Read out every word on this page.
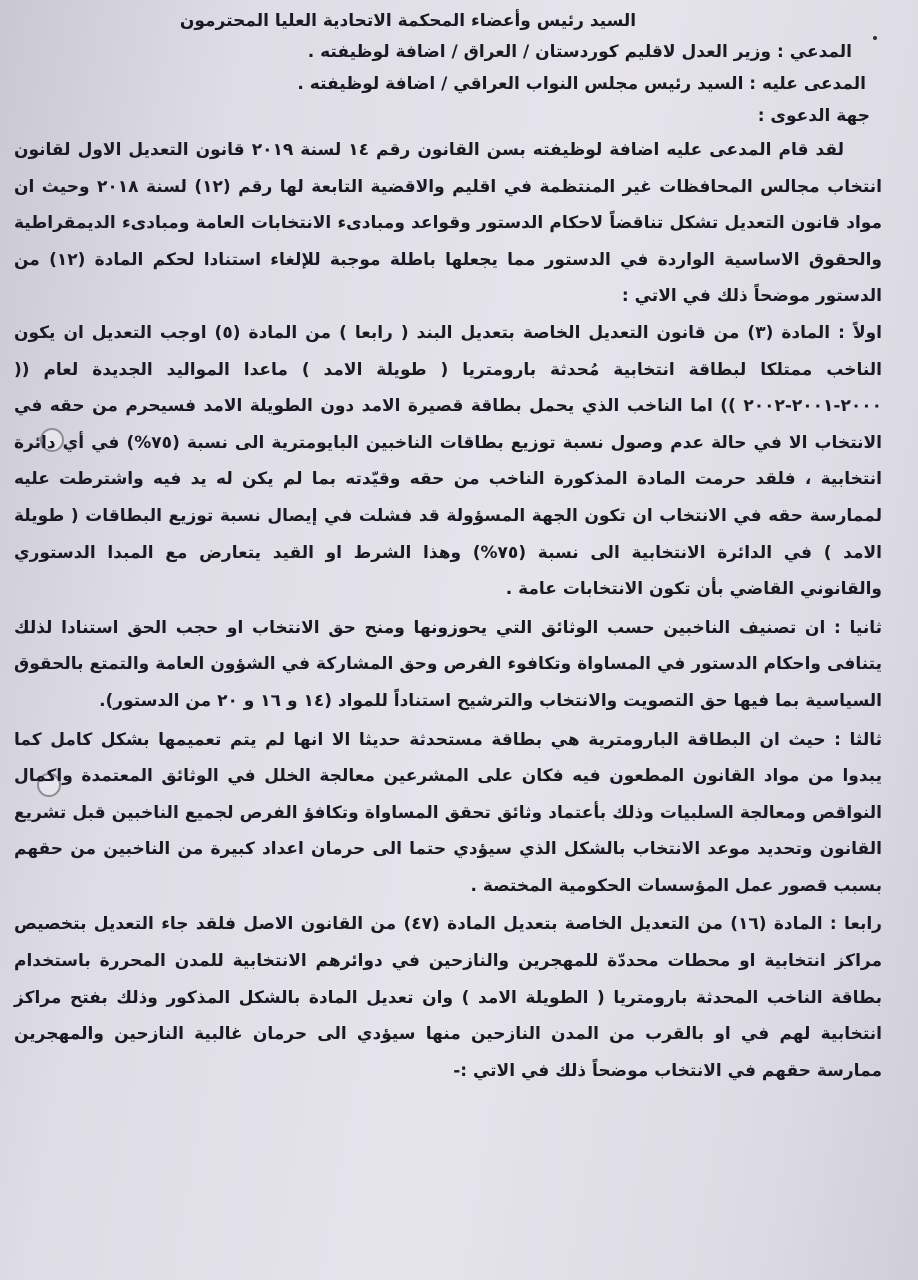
السيد رئيس وأعضاء المحكمة الاتحادية العليا المحترمون
المدعي : وزير العدل لاقليم كوردستان / العراق / اضافة لوظيفته .
المدعى عليه : السيد رئيس مجلس النواب العراقي / اضافة لوظيفته .
جهة الدعوى :
لقد قام المدعى عليه اضافة لوظيفته بسن القانون رقم ١٤ لسنة ٢٠١٩ قانون التعديل الاول لقانون انتخاب مجالس المحافظات غير المنتظمة في اقليم والاقضية التابعة لها رقم (١٢) لسنة ٢٠١٨ وحيث ان مواد قانون التعديل تشكل تناقضاً لاحكام الدستور وقواعد ومبادىء الانتخابات العامة ومبادىء الديمقراطية والحقوق الاساسية الواردة في الدستور مما يجعلها باطلة موجبة للإلغاء استنادا لحكم المادة (١٢) من الدستور موضحاً ذلك في الاتي :
اولاً : المادة (٣) من قانون التعديل الخاصة بتعديل البند ( رابعا ) من المادة (٥) اوجب التعديل ان يكون الناخب ممتلكا لبطاقة انتخابية مُحدثة بارومتريا ( طويلة الامد ) ماعدا المواليد الجديدة لعام (( ٢٠٠٠-٢٠٠١-٢٠٠٢ )) اما الناخب الذي يحمل بطاقة قصيرة الامد دون الطويلة الامد فسيحرم من حقه في الانتخاب الا في حالة عدم وصول نسبة توزيع بطاقات الناخبين البايومترية الى نسبة (٧٥%) في أي دائرة انتخابية ، فلقد حرمت المادة المذكورة الناخب من حقه وقيّدته بما لم يكن له يد فيه واشترطت عليه لممارسة حقه في الانتخاب ان تكون الجهة المسؤولة قد فشلت في إيصال نسبة توزيع البطاقات ( طويلة الامد ) في الدائرة الانتخابية الى نسبة (٧٥%) وهذا الشرط او القيد يتعارض مع المبدا الدستوري والقانوني القاضي بأن تكون الانتخابات عامة .
ثانيا : ان تصنيف الناخبين حسب الوثائق التي يحوزونها ومنح حق الانتخاب او حجب الحق استنادا لذلك يتنافى واحكام الدستور في المساواة وتكافوء الفرص وحق المشاركة في الشؤون العامة والتمتع بالحقوق السياسية بما فيها حق التصويت والانتخاب والترشيح استناداً للمواد (١٤ و ١٦ و ٢٠ من الدستور).
ثالثا : حيث ان البطاقة البارومترية هي بطاقة مستحدثة حديثا الا انها لم يتم تعميمها بشكل كامل كما يبدوا من مواد القانون المطعون فيه فكان على المشرعين معالجة الخلل في الوثائق المعتمدة واكمال النواقص ومعالجة السلبيات وذلك بأعتماد وثائق تحقق المساواة وتكافؤ الفرص لجميع الناخبين قبل تشريع القانون وتحديد موعد الانتخاب بالشكل الذي سيؤدي حتما الى حرمان اعداد كبيرة من الناخبين من حقهم بسبب قصور عمل المؤسسات الحكومية المختصة .
رابعا : المادة (١٦) من التعديل الخاصة بتعديل المادة (٤٧) من القانون الاصل فلقد جاء التعديل بتخصيص مراكز انتخابية او محطات محددّة للمهجرين والنازحين في دوائرهم الانتخابية للمدن المحررة باستخدام بطاقة الناخب المحدثة بارومتريا ( الطويلة الامد ) وان تعديل المادة بالشكل المذكور وذلك بفتح مراكز انتخابية لهم في او بالقرب من المدن النازحين منها سيؤدي الى حرمان غالبية النازحين والمهجرين ممارسة حقهم في الانتخاب موضحاً ذلك في الاتي :-
